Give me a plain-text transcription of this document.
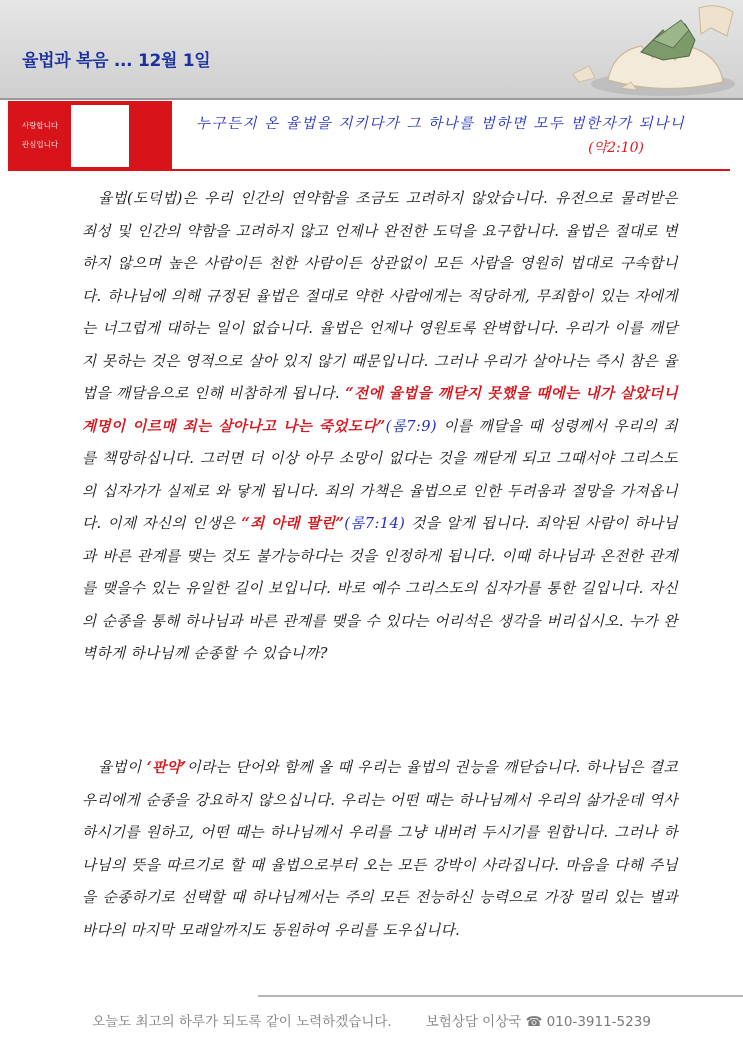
율법과 복음 ... 12월 1일
사랑합니다
관심입니다
누구든지 온 율법을 지키다가 그 하나를 범하면 모두 범한자가 되나니
(약2:10)
율법(도덕법)은 우리 인간의 연약함을 조금도 고려하지 않았습니다. 유전으로 물려받은 죄성 및 인간의 약함을 고려하지 않고 언제나 완전한 도덕을 요구합니다. 율법은 절대로 변하지 않으며 높은 사람이든 천한 사람이든 상관없이 모든 사람을 영원히 법대로 구속합니다. 하나님에 의해 규정된 율법은 절대로 약한 사람에게는 적당하게, 무죄함이 있는 자에게는 너그럽게 대하는 일이 없습니다. 율법은 언제나 영원토록 완벽합니다. 우리가 이를 깨닫지 못하는 것은 영적으로 살아 있지 않기 때문입니다. 그러나 우리가 살아나는 즉시 참은 율법을 깨달음으로 인해 비참하게 됩니다. “전에 율법을 깨닫지 못했을 때에는 내가 살았더니 계명이 이르매 죄는 살아나고 나는 죽었도다”(롬7:9) 이를 깨달을 때 성령께서 우리의 죄를 책망하십니다. 그러면 더 이상 아무 소망이 없다는 것을 깨닫게 되고 그때서야 그리스도의 십자가가 실제로 와 닿게 됩니다. 죄의 가책은 율법으로 인한 두려움과 절망을 가져옵니다. 이제 자신의 인생은 “죄 아래 팔린”(롬7:14) 것을 알게 됩니다. 죄악된 사람이 하나님과 바른 관계를 맺는 것도 불가능하다는 것을 인정하게 됩니다. 이때 하나님과 온전한 관계를 맺을수 있는 유일한 길이 보입니다. 바로 예수 그리스도의 십자가를 통한 길입니다. 자신의 순종을 통해 하나님과 바른 관계를 맺을 수 있다는 어리석은 생각을 버리십시오. 누가 완벽하게 하나님께 순종할 수 있습니까?
율법이 ‘판약’이라는 단어와 함께 올 때 우리는 율법의 권능을 깨닫습니다. 하나님은 결코 우리에게 순종을 강요하지 않으십니다. 우리는 어떤 때는 하나님께서 우리의 삶가운데 역사하시기를 원하고, 어떤 때는 하나님께서 우리를 그냥 내버려 두시기를 원합니다. 그러나 하나님의 뜻을 따르기로 할 때 율법으로부터 오는 모든 강박이 사라집니다. 마음을 다해 주님을 순종하기로 선택할 때 하나님께서는 주의 모든 전능하신 능력으로 가장 멀리 있는 별과 바다의 마지막 모래알까지도 동원하여 우리를 도우십니다.
오늘도 최고의 하루가 되도록 같이 노력하겠습니다.	보험상담 이상국 ☎ 010-3911-5239
